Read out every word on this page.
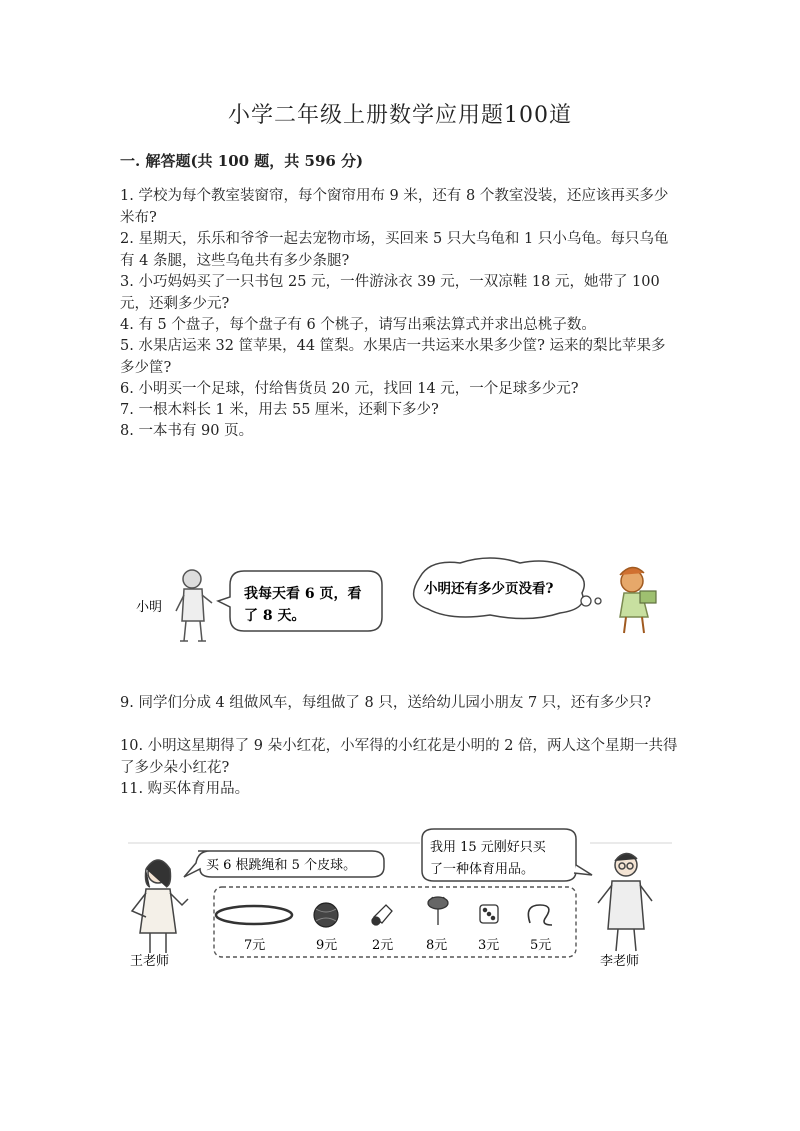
小学二年级上册数学应用题100道
一. 解答题(共 100 题，共 596 分)
1. 学校为每个教室装窗帘，每个窗帘用布 9 米，还有 8 个教室没装，还应该再买多少米布?
2. 星期天，乐乐和爷爷一起去宠物市场，买回来 5 只大乌龟和 1 只小乌龟。每只乌龟有 4 条腿，这些乌龟共有多少条腿?
3. 小巧妈妈买了一只书包 25 元，一件游泳衣 39 元，一双凉鞋 18 元，她带了 100 元，还剩多少元?
4. 有 5 个盘子，每个盘子有 6 个桃子，请写出乘法算式并求出总桃子数。
5. 水果店运来 32 筐苹果，44 筐梨。水果店一共运来水果多少筐? 运来的梨比苹果多多少筐?
6. 小明买一个足球，付给售货员 20 元，找回 14 元，一个足球多少元?
7. 一根木料长 1 米，用去 55 厘米，还剩下多少?
8. 一本书有 90 页。
小明
我每天看 6 页，看
了 8 天。
小明还有多少页没看?
9. 同学们分成 4 组做风车，每组做了 8 只，送给幼儿园小朋友 7 只，还有多少只?
10. 小明这星期得了 9 朵小红花，小军得的小红花是小明的 2 倍，两人这个星期一共得了多少朵小红花?
11. 购买体育用品。
王老师
买 6 根跳绳和 5 个皮球。
我用 15 元刚好只买
了一种体育用品。
7元	9元	2元	8元 3元 5元
李老师
